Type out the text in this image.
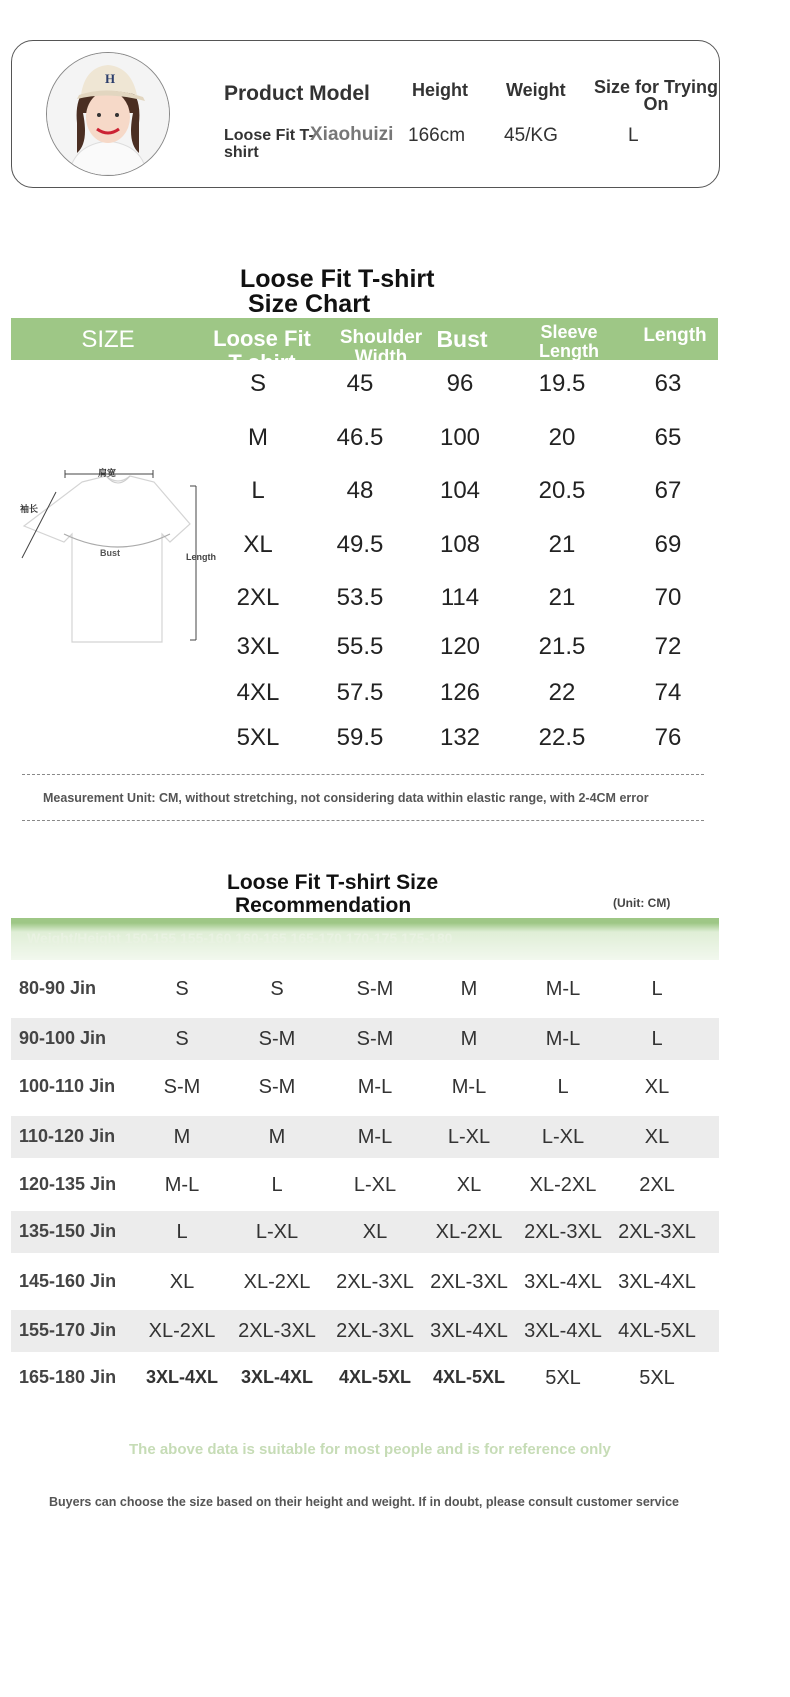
H
Product Model Height Weight	Size for Trying On
Loose Fit T-shirt
Xiaohuizi 166cm 45/KG	L
Loose Fit T-shirt
Size Chart
SIZE	Loose Fit T-shirt
Shoulder Width
Bust	Sleeve Length
Length
肩宽
袖长
Bust	Length
S	45	96	19.5	63
M	46.5	100	20	65
L	48	104	20.5	67
XL	49.5	108	21	69
2XL	53.5	114	21	70
3XL	55.5	120	21.5	72
4XL	57.5	126	22	74
5XL	59.5	132	22.5	76
Measurement Unit: CM, without stretching, not considering data within elastic range, with 2-4CM error
Loose Fit T-shirt Size
Recommendation	(Unit: CM)
Weight/Height 150-155 155-160 160-165 165-170 170-175 175-180
80-90 Jin	S	S	S-M	M	M-L	L
90-100 Jin	S	S-M	S-M	M	M-L	L
100-110 Jin	S-M	S-M	M-L	M-L	L	XL
110-120 Jin	M	M	M-L	L-XL	L-XL	XL
120-135 Jin	M-L	L	L-XL	XL	XL-2XL	2XL
135-150 Jin	L	L-XL	XL	XL-2XL	2XL-3XL 2XL-3XL
145-160 Jin	XL	XL-2XL	2XL-3XL 2XL-3XL 3XL-4XL 3XL-4XL
155-170 Jin	XL-2XL	2XL-3XL	2XL-3XL 3XL-4XL 3XL-4XL 4XL-5XL
165-180 Jin	3XL-4XL	3XL-4XL	4XL-5XL	4XL-5XL	5XL	5XL
The above data is suitable for most people and is for reference only
Buyers can choose the size based on their height and weight. If in doubt, please consult customer service
